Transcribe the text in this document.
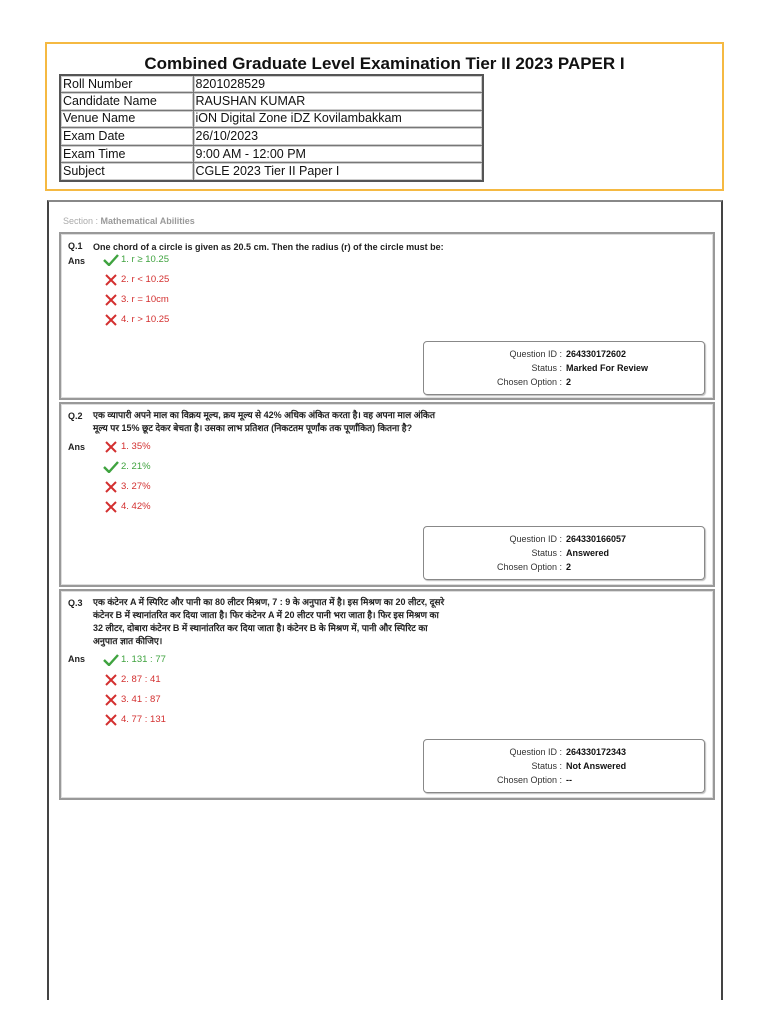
Combined Graduate Level Examination Tier II 2023 PAPER I
Roll Number	8201028529
Candidate Name	RAUSHAN KUMAR
Venue Name	iON Digital Zone iDZ Kovilambakkam
Exam Date	26/10/2023
Exam Time	9:00 AM - 12:00 PM
Subject	CGLE 2023 Tier II Paper I
Section : Mathematical Abilities
Q.1 One chord of a circle is given as 20.5 cm. Then the radius (r) of the circle must be:
Ans	1. r ≥ 10.25
2. r < 10.25
3. r = 10cm
4. r > 10.25
Question ID : 264330172602
Status : Marked For Review
Chosen Option : 2
Q.2 एक व्यापारी अपने माल का विक्रय मूल्य, क्रय मूल्य से 42% अधिक अंकित करता है। वह अपना माल अंकित
मूल्य पर 15% छूट देकर बेचता है। उसका लाभ प्रतिशत (निकटतम पूर्णांक तक पूर्णांकित) कितना है?
Ans	1. 35%
2. 21%
3. 27%
4. 42%
Question ID : 264330166057
Status : Answered
Chosen Option : 2
Q.3 एक कंटेनर A में स्पिरिट और पानी का 80 लीटर मिश्रण, 7 : 9 के अनुपात में है। इस मिश्रण का 20 लीटर, दूसरे
कंटेनर B में स्थानांतरित कर दिया जाता है। फिर कंटेनर A में 20 लीटर पानी भरा जाता है। फिर इस मिश्रण का
32 लीटर, दोबारा कंटेनर B में स्थानांतरित कर दिया जाता है। कंटेनर B के मिश्रण में, पानी और स्पिरिट का
अनुपात ज्ञात कीजिए।
Ans	1. 131 : 77
2. 87 : 41
3. 41 : 87
4. 77 : 131
Question ID : 264330172343
Status : Not Answered
Chosen Option : --
